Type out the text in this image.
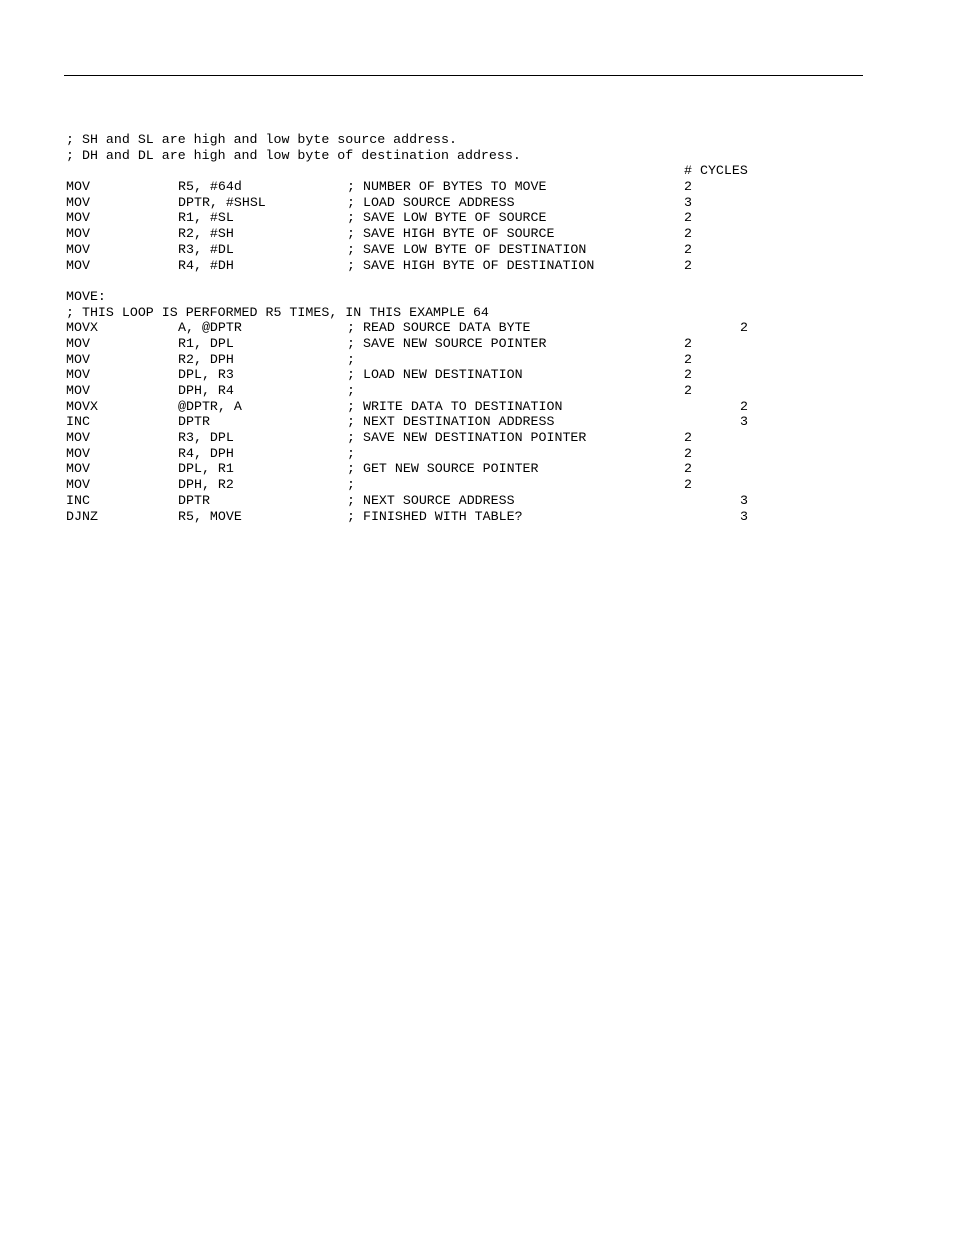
; SH and SL are high and low byte source address.

; DH and DL are high and low byte of destination address.

# CYCLES

MOV	R5, #64d	; NUMBER OF BYTES TO MOVE	2
MOV	DPTR, #SHSL	; LOAD SOURCE ADDRESS	3
MOV	R1, #SL	; SAVE LOW BYTE OF SOURCE	2
MOV	R2, #SH	; SAVE HIGH BYTE OF SOURCE	2
MOV	R3, #DL	; SAVE LOW BYTE OF DESTINATION	2
MOV	R4, #DH	; SAVE HIGH BYTE OF DESTINATION	2

MOVE:

; THIS LOOP IS PERFORMED R5 TIMES, IN THIS EXAMPLE 64

MOVX	A, @DPTR	; READ SOURCE DATA BYTE	2
MOV	R1, DPL	; SAVE NEW SOURCE POINTER	2
MOV	R2, DPH	;	2
MOV	DPL, R3	; LOAD NEW DESTINATION	2
MOV	DPH, R4	;	2
MOVX	@DPTR, A	; WRITE DATA TO DESTINATION	2
INC	DPTR	; NEXT DESTINATION ADDRESS	3
MOV	R3, DPL	; SAVE NEW DESTINATION POINTER	2
MOV	R4, DPH	;	2
MOV	DPL, R1	; GET NEW SOURCE POINTER	2
MOV	DPH, R2	;	2
INC	DPTR	; NEXT SOURCE ADDRESS	3
DJNZ	R5, MOVE	; FINISHED WITH TABLE?	3
